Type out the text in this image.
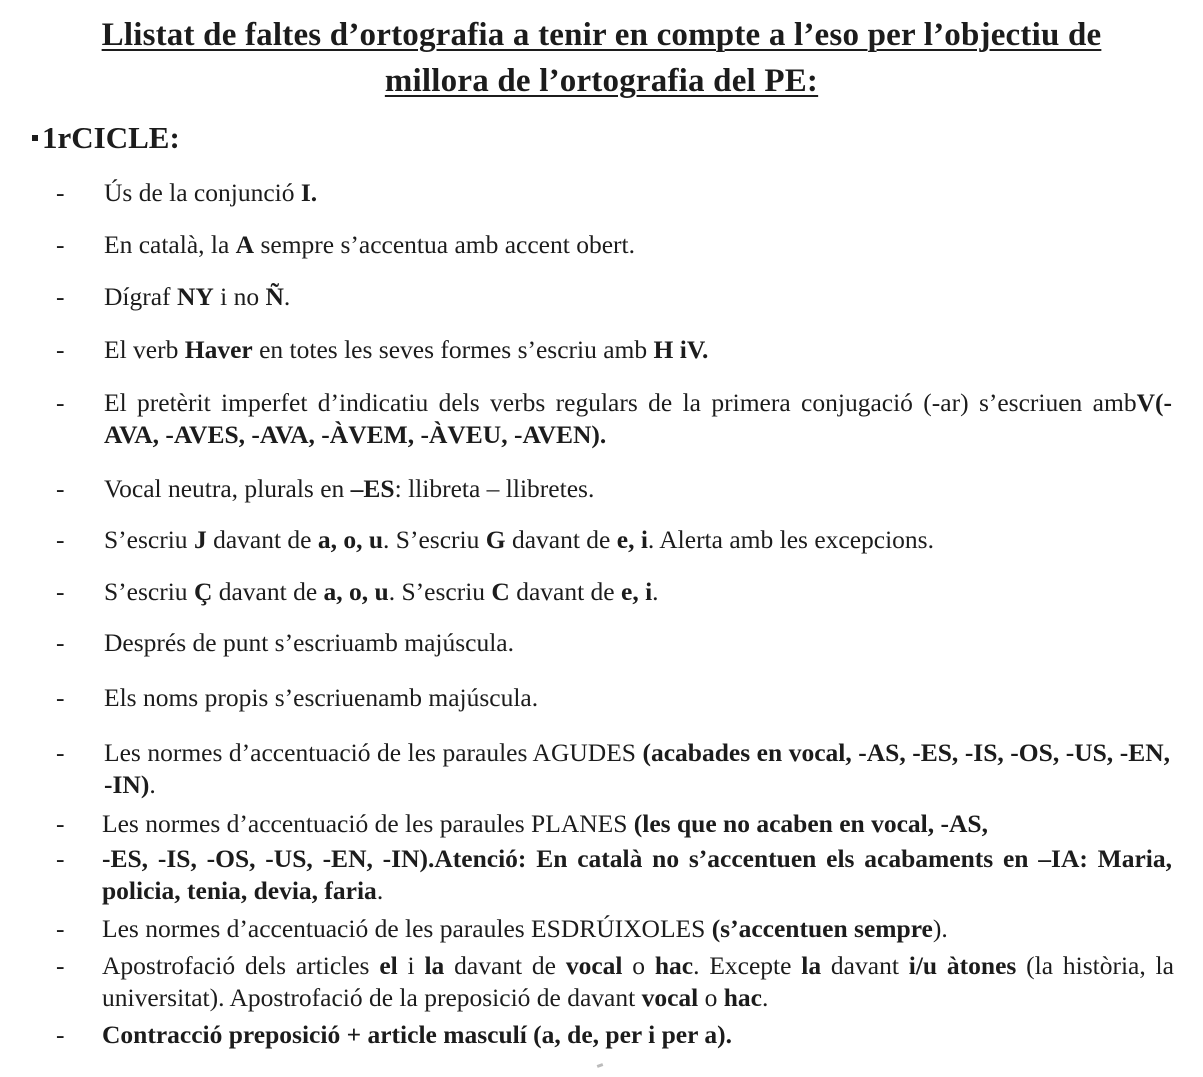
Llistat de faltes d’ortografia a tenir en compte a l’eso per l’objectiu de
millora de l’ortografia del PE:
1rCICLE:
- Ús de la conjunció I.
- En català, la A sempre s’accentua amb accent obert.
- Dígraf NY i no Ñ.
- El verb Haver en totes les seves formes s’escriu amb H iV.
- El pretèrit imperfet d’indicatiu dels verbs regulars de la primera conjugació (-ar) s’escriuen ambV(-AVA, -AVES, -AVA, -ÀVEM, -ÀVEU, -AVEN).
- Vocal neutra, plurals en –ES: llibreta – llibretes.
- S’escriu J davant de a, o, u. S’escriu G davant de e, i. Alerta amb les excepcions.
- S’escriu Ç davant de a, o, u. S’escriu C davant de e, i.
- Després de punt s’escriuamb majúscula.
- Els noms propis s’escriuenamb majúscula.
- Les normes d’accentuació de les paraules AGUDES (acabades en vocal, -AS, -ES, -IS, -OS, -US, -EN, -IN).
- Les normes d’accentuació de les paraules PLANES (les que no acaben en vocal, -AS,
- -ES, -IS, -OS, -US, -EN, -IN).Atenció: En català no s’accentuen els acabaments en –IA: Maria, policia, tenia, devia, faria.
- Les normes d’accentuació de les paraules ESDRÚIXOLES (s’accentuen sempre).
- Apostrofació dels articles el i la davant de vocal o hac. Excepte la davant i/u àtones (la història, la universitat). Apostrofació de la preposició de davant vocal o hac.
- Contracció preposició + article masculí (a, de, per i per a).
